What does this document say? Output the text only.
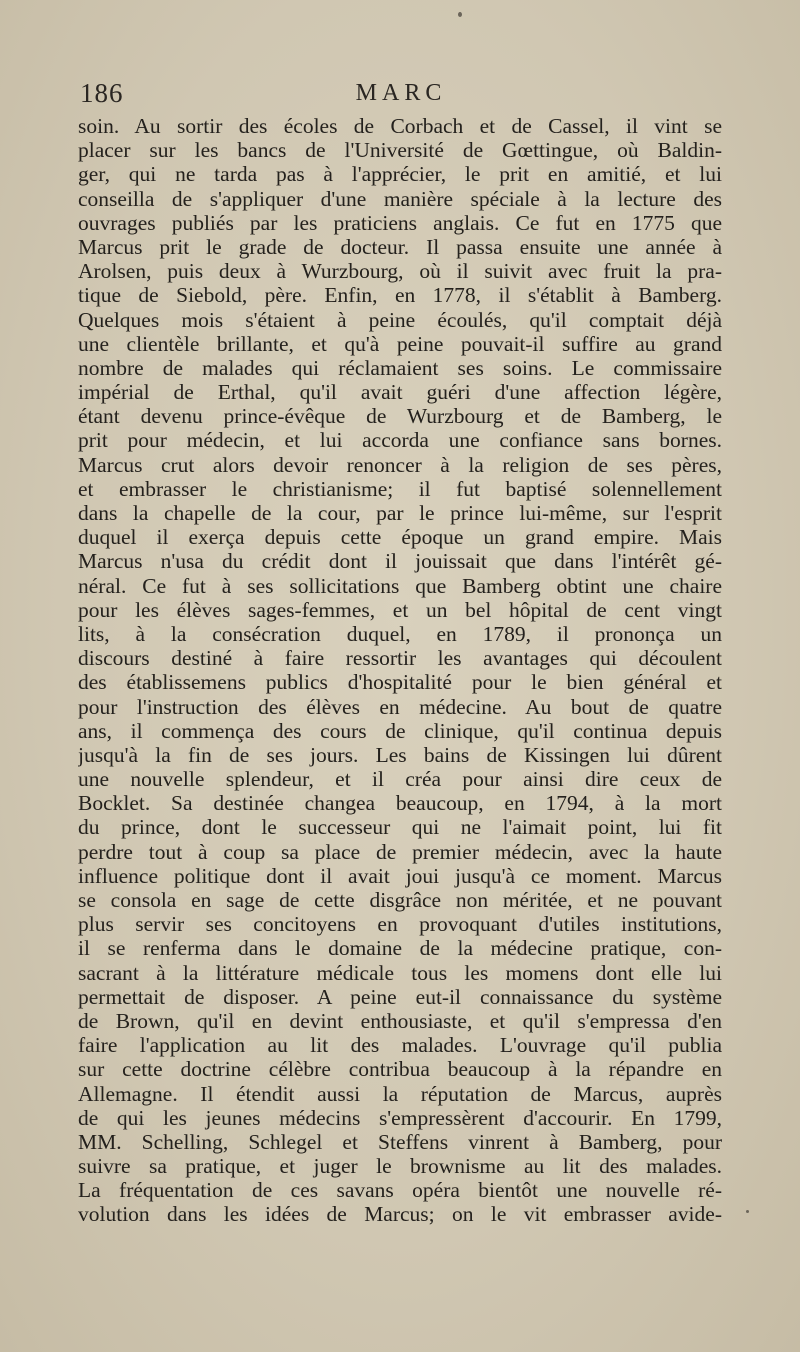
186	MARC
soin. Au sortir des écoles de Corbach et de Cassel, il vint se
placer sur les bancs de l'Université de Gœttingue, où Baldin-
ger, qui ne tarda pas à l'apprécier, le prit en amitié, et lui
conseilla de s'appliquer d'une manière spéciale à la lecture des
ouvrages publiés par les praticiens anglais. Ce fut en 1775 que
Marcus prit le grade de docteur. Il passa ensuite une année à
Arolsen, puis deux à Wurzbourg, où il suivit avec fruit la pra-
tique de Siebold, père. Enfin, en 1778, il s'établit à Bamberg.
Quelques mois s'étaient à peine écoulés, qu'il comptait déjà
une clientèle brillante, et qu'à peine pouvait-il suffire au grand
nombre de malades qui réclamaient ses soins. Le commissaire
impérial de Erthal, qu'il avait guéri d'une affection légère,
étant devenu prince-évêque de Wurzbourg et de Bamberg, le
prit pour médecin, et lui accorda une confiance sans bornes.
Marcus crut alors devoir renoncer à la religion de ses pères,
et embrasser le christianisme; il fut baptisé solennellement
dans la chapelle de la cour, par le prince lui-même, sur l'esprit
duquel il exerça depuis cette époque un grand empire. Mais
Marcus n'usa du crédit dont il jouissait que dans l'intérêt gé-
néral. Ce fut à ses sollicitations que Bamberg obtint une chaire
pour les élèves sages-femmes, et un bel hôpital de cent vingt
lits, à la consécration duquel, en 1789, il prononça un
discours destiné à faire ressortir les avantages qui découlent
des établissemens publics d'hospitalité pour le bien général et
pour l'instruction des élèves en médecine. Au bout de quatre
ans, il commença des cours de clinique, qu'il continua depuis
jusqu'à la fin de ses jours. Les bains de Kissingen lui dûrent
une nouvelle splendeur, et il créa pour ainsi dire ceux de
Bocklet. Sa destinée changea beaucoup, en 1794, à la mort
du prince, dont le successeur qui ne l'aimait point, lui fit
perdre tout à coup sa place de premier médecin, avec la haute
influence politique dont il avait joui jusqu'à ce moment. Marcus
se consola en sage de cette disgrâce non méritée, et ne pouvant
plus servir ses concitoyens en provoquant d'utiles institutions,
il se renferma dans le domaine de la médecine pratique, con-
sacrant à la littérature médicale tous les momens dont elle lui
permettait de disposer. A peine eut-il connaissance du système
de Brown, qu'il en devint enthousiaste, et qu'il s'empressa d'en
faire l'application au lit des malades. L'ouvrage qu'il publia
sur cette doctrine célèbre contribua beaucoup à la répandre en
Allemagne. Il étendit aussi la réputation de Marcus, auprès
de qui les jeunes médecins s'empressèrent d'accourir. En 1799,
MM. Schelling, Schlegel et Steffens vinrent à Bamberg, pour
suivre sa pratique, et juger le brownisme au lit des malades.
La fréquentation de ces savans opéra bientôt une nouvelle ré-
volution dans les idées de Marcus; on le vit embrasser avide-
